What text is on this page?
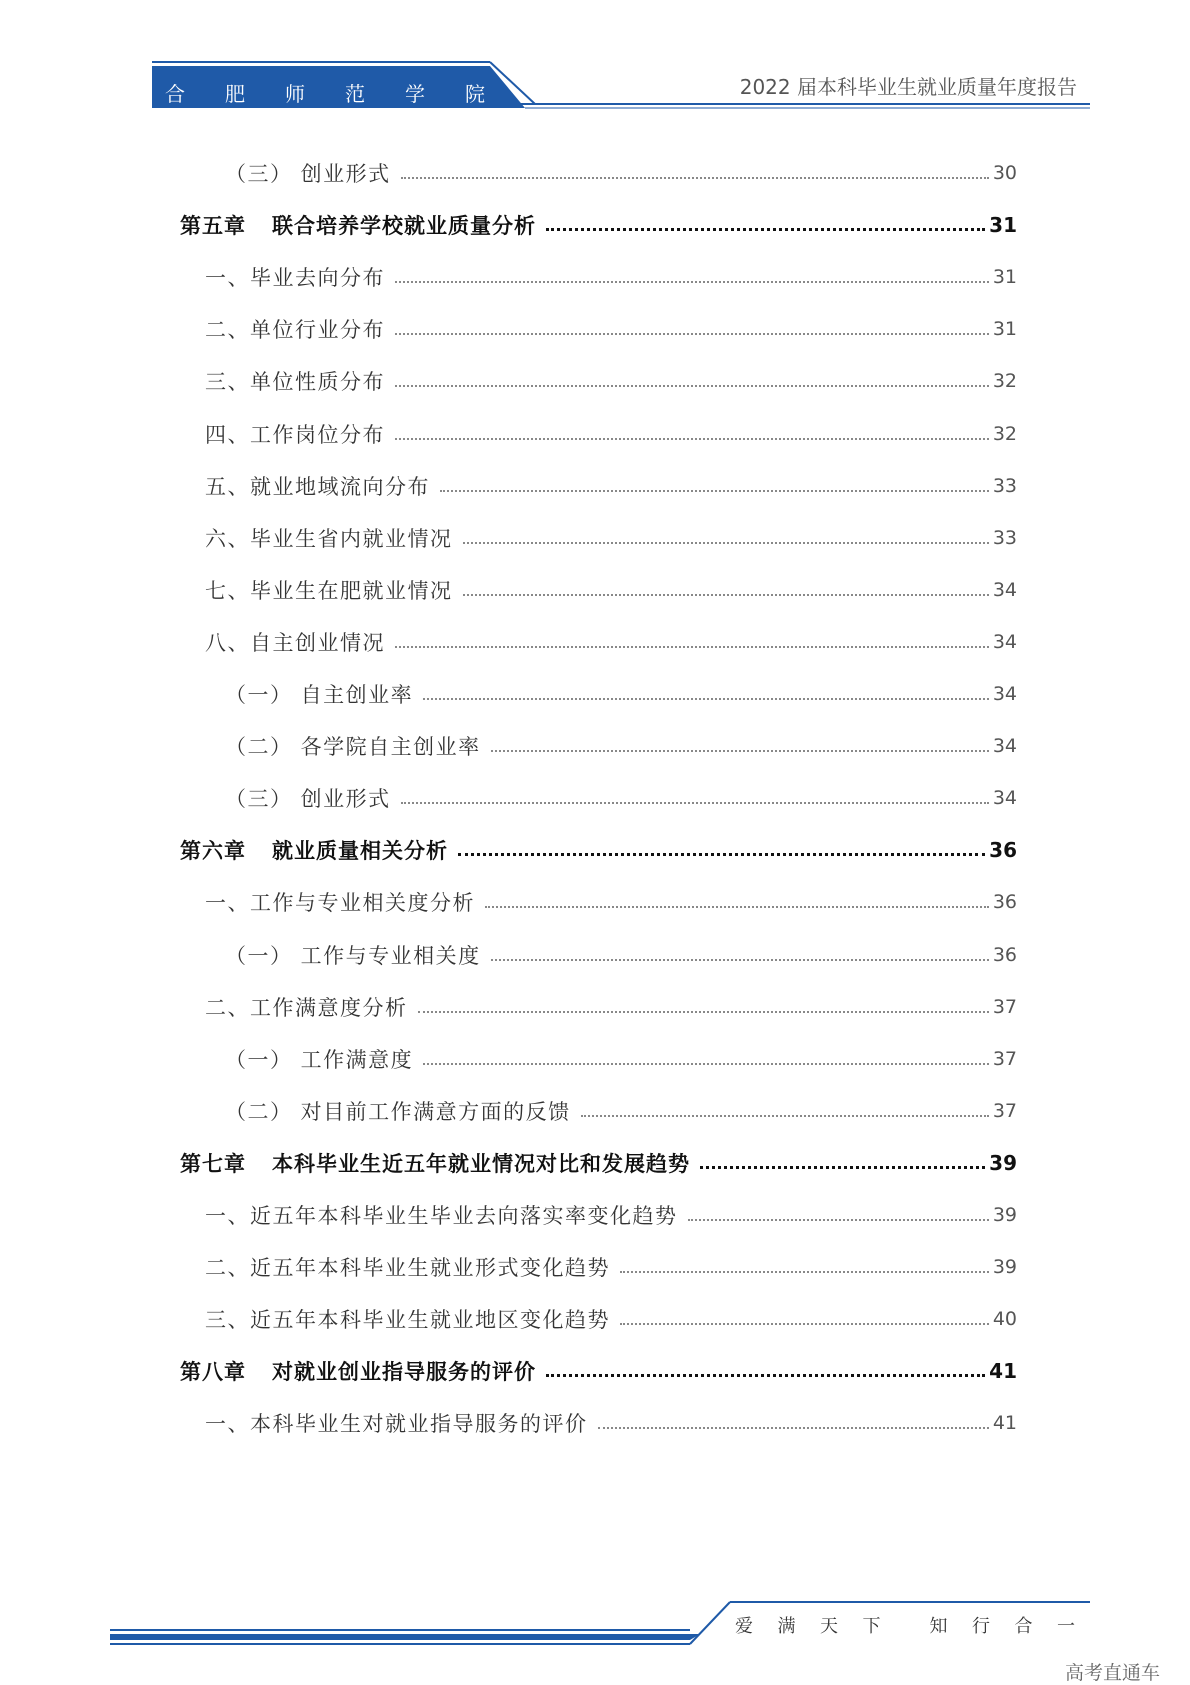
合 肥 师 范 学 院	2022 届本科毕业生就业质量年度报告
（三） 创业形式	30
第五章 联合培养学校就业质量分析	31
一、毕业去向分布	31
二、单位行业分布	31
三、单位性质分布	32
四、工作岗位分布	32
五、就业地域流向分布	33
六、毕业生省内就业情况	33
七、毕业生在肥就业情况	34
八、自主创业情况	34
（一） 自主创业率	34
（二） 各学院自主创业率	34
（三） 创业形式	34
第六章 就业质量相关分析	36
一、工作与专业相关度分析	36
（一） 工作与专业相关度	36
二、工作满意度分析	37
（一） 工作满意度	37
（二） 对目前工作满意方面的反馈	37
第七章 本科毕业生近五年就业情况对比和发展趋势	39
一、近五年本科毕业生毕业去向落实率变化趋势	39
二、近五年本科毕业生就业形式变化趋势	39
三、近五年本科毕业生就业地区变化趋势	40
第八章 对就业创业指导服务的评价	41
一、本科毕业生对就业指导服务的评价	41
爱 满 天 下	知 行 合 一
高考直通车
